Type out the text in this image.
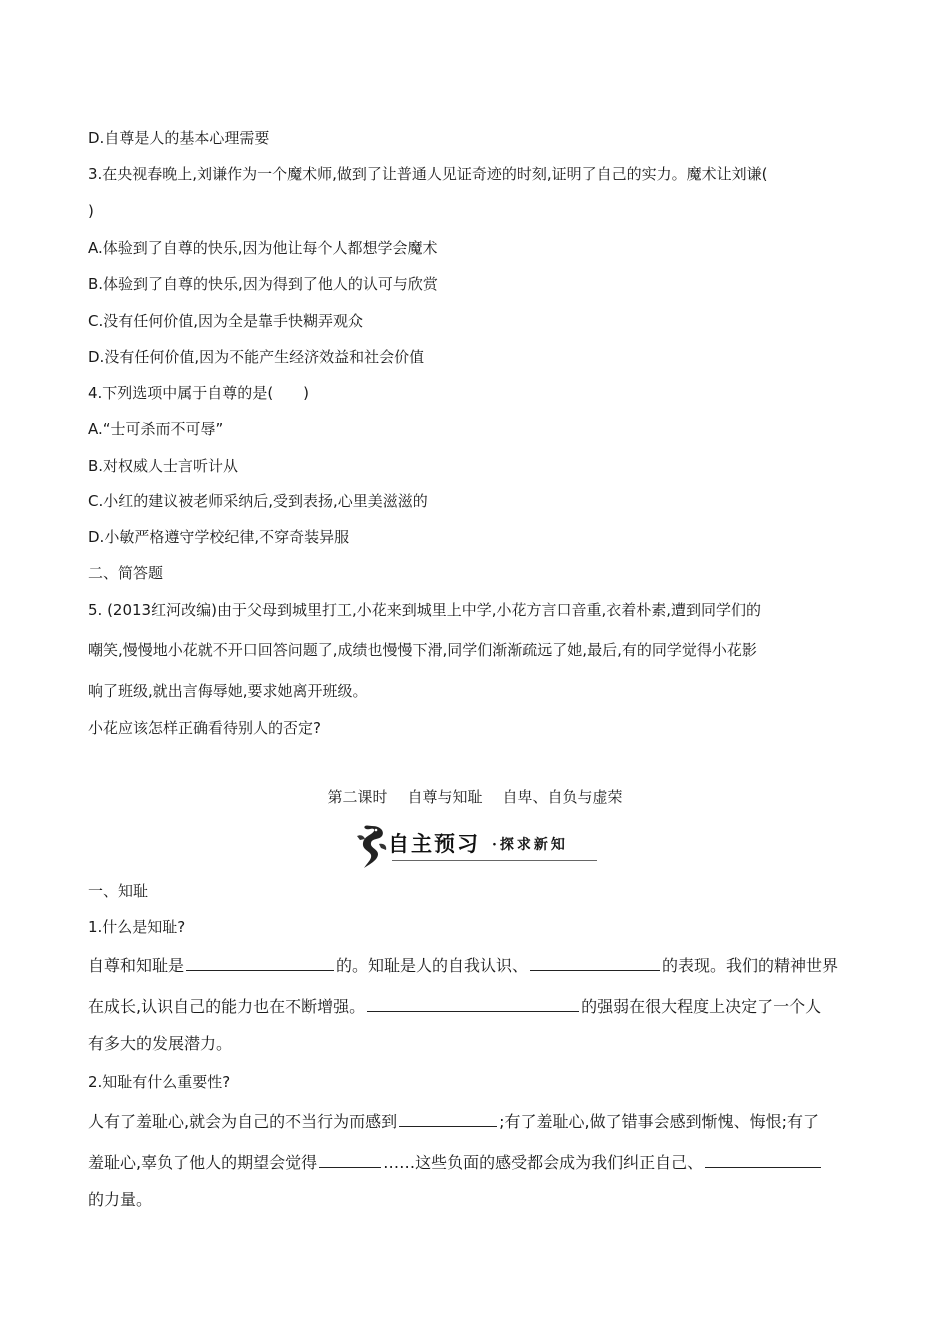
D.自尊是人的基本心理需要
3.在央视春晚上,刘谦作为一个魔术师,做到了让普通人见证奇迹的时刻,证明了自己的实力。魔术让刘谦(
)
A.体验到了自尊的快乐,因为他让每个人都想学会魔术
B.体验到了自尊的快乐,因为得到了他人的认可与欣赏
C.没有任何价值,因为全是靠手快糊弄观众
D.没有任何价值,因为不能产生经济效益和社会价值
4.下列选项中属于自尊的是(　　)
A.“士可杀而不可辱”
B.对权威人士言听计从
C.小红的建议被老师采纳后,受到表扬,心里美滋滋的
D.小敏严格遵守学校纪律,不穿奇装异服
二、简答题
5. (2013红河改编)由于父母到城里打工,小花来到城里上中学,小花方言口音重,衣着朴素,遭到同学们的
嘲笑,慢慢地小花就不开口回答问题了,成绩也慢慢下滑,同学们渐渐疏远了她,最后,有的同学觉得小花影
响了班级,就出言侮辱她,要求她离开班级。
小花应该怎样正确看待别人的否定?
第二课时 自尊与知耻 自卑、自负与虚荣
自主预习 ·探求新知
一、知耻
1.什么是知耻?
自尊和知耻是	的。知耻是人的自我认识、	的表现。我们的精神世界
在成长,认识自己的能力也在不断增强。	的强弱在很大程度上决定了一个人
有多大的发展潜力。
2.知耻有什么重要性?
人有了羞耻心,就会为自己的不当行为而感到	;有了羞耻心,做了错事会感到惭愧、悔恨;有了
羞耻心,辜负了他人的期望会觉得	……这些负面的感受都会成为我们纠正自己、
的力量。
